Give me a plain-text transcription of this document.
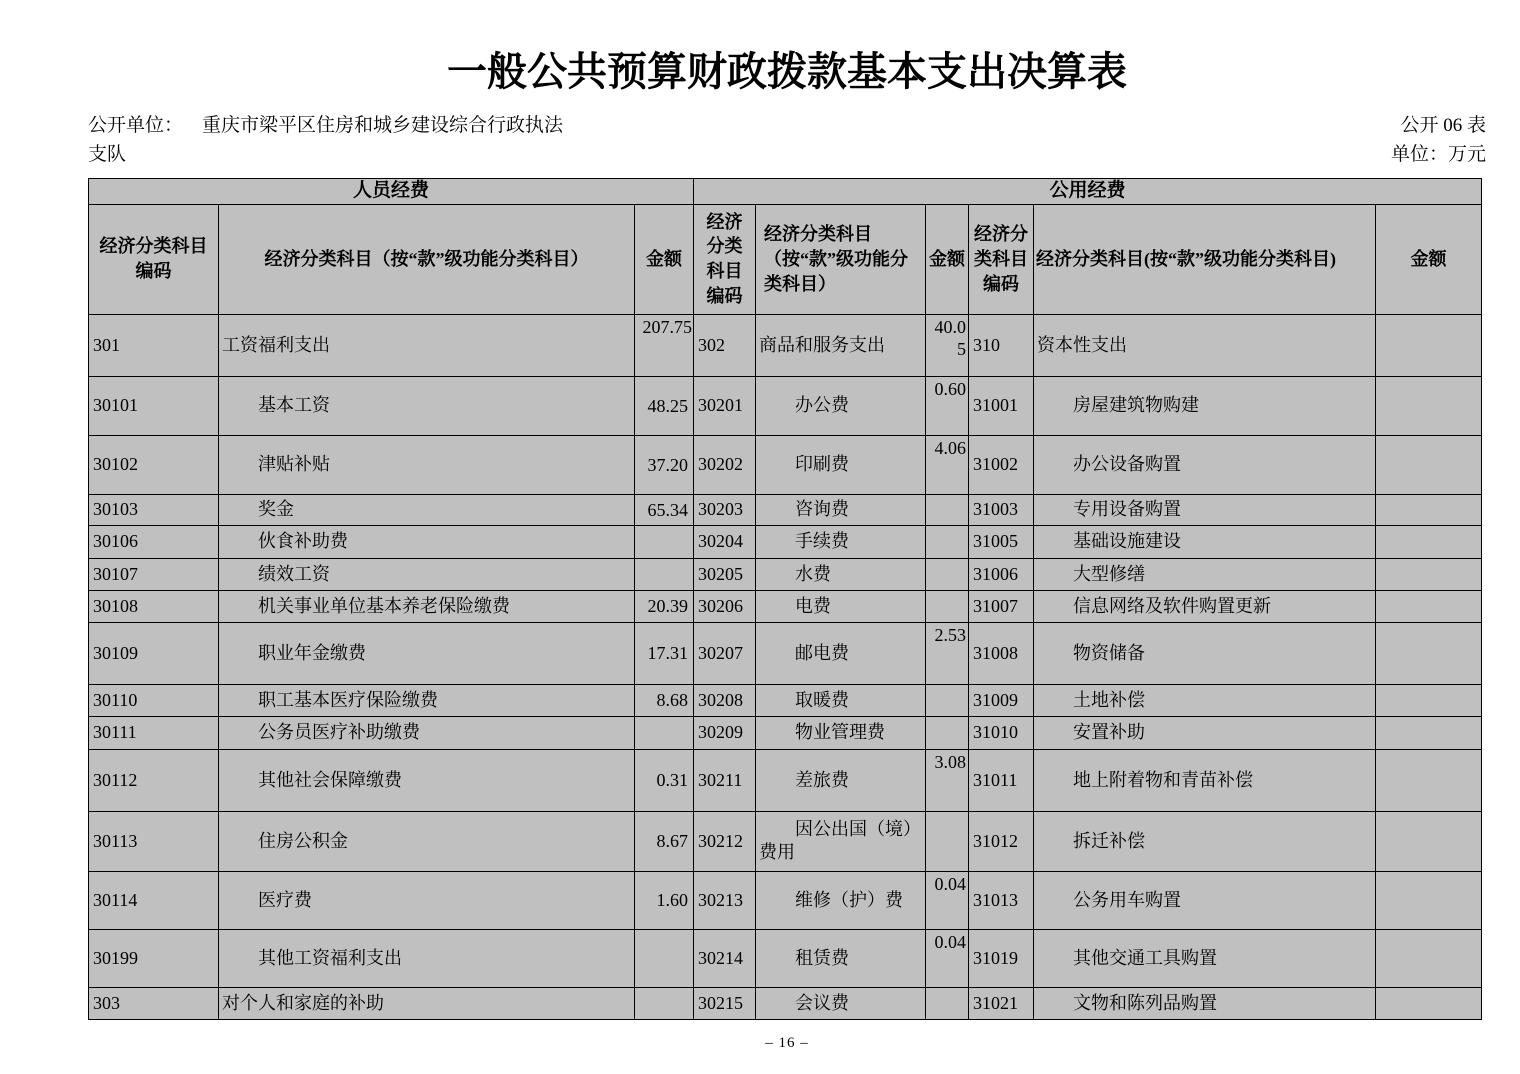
一般公共预算财政拨款基本支出决算表
公开单位： 重庆市梁平区住房和城乡建设综合行政执法支队
公开 06 表
单位：万元
人员经费			公用经费					
经济分类科目编码	经济分类科目（按“款”级功能分类科目）	金额	经济分类科目编码	经济分类科目（按“款”级功能分类科目）	金额	经济分类科目编码	经济分类科目(按“款”级功能分类科目)	金额
301	工资福利支出	207.75	302	商品和服务支出	40.05	310	资本性支出	
30101	基本工资	48.25	30201	办公费	0.60	31001	房屋建筑物购建	
30102	津贴补贴	37.20	30202	印刷费	4.06	31002	办公设备购置	
30103	奖金	65.34	30203	咨询费		31003	专用设备购置	
30106	伙食补助费		30204	手续费		31005	基础设施建设	
30107	绩效工资		30205	水费		31006	大型修缮	
30108	机关事业单位基本养老保险缴费	20.39	30206	电费		31007	信息网络及软件购置更新	
30109	职业年金缴费	17.31	30207	邮电费	2.53	31008	物资储备	
30110	职工基本医疗保险缴费	8.68	30208	取暖费		31009	土地补偿	
30111	公务员医疗补助缴费		30209	物业管理费		31010	安置补助	
30112	其他社会保障缴费	0.31	30211	差旅费	3.08	31011	地上附着物和青苗补偿	
30113	住房公积金	8.67	30212	因公出国（境）费用		31012	拆迁补偿	
30114	医疗费	1.60	30213	维修（护）费	0.04	31013	公务用车购置	
30199	其他工资福利支出		30214	租赁费	0.04	31019	其他交通工具购置	
303	对个人和家庭的补助		30215	会议费		31021	文物和陈列品购置	
– 16 –
